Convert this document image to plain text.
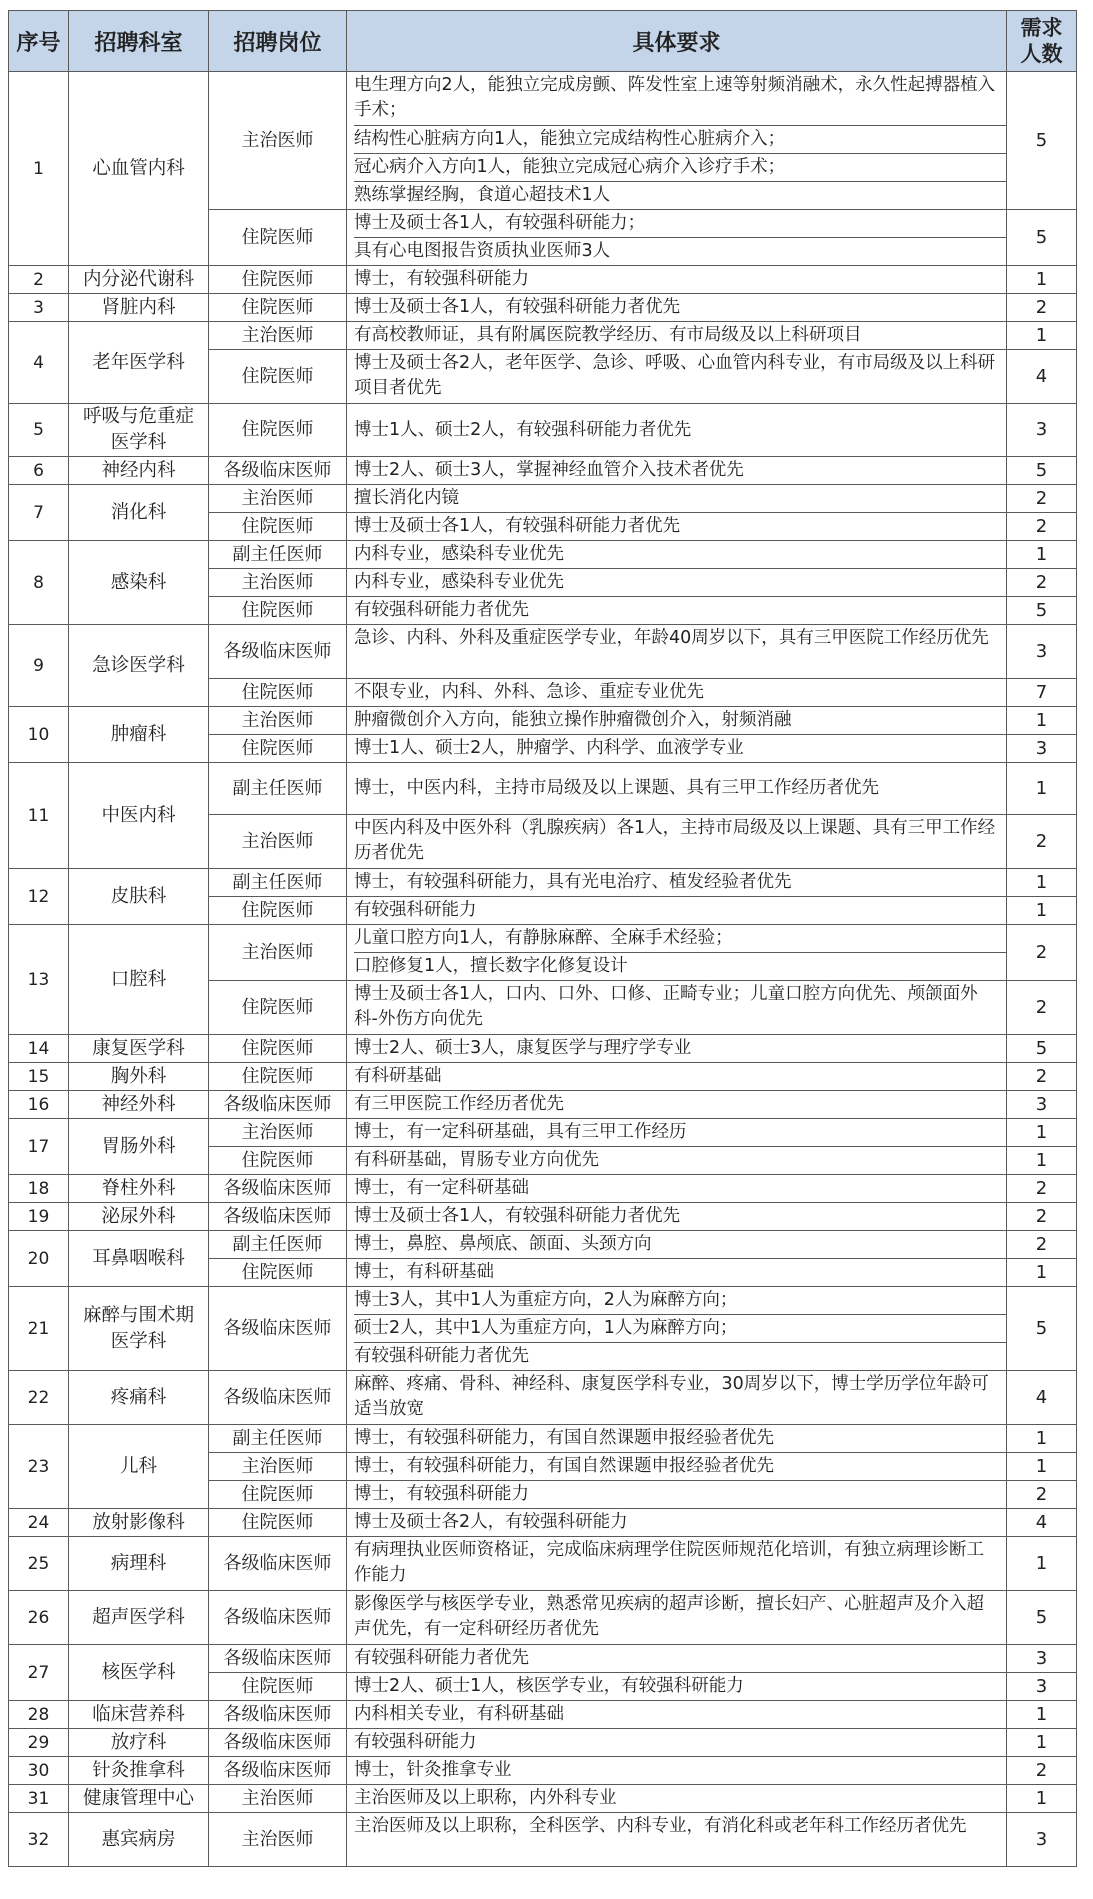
序号	招聘科室	招聘岗位	具体要求	需求
人数
1	心血管内科	主治医师	电生理方向2人，能独立完成房颤、阵发性室上速等射频消融术，永久性起搏器植入手术；
结构性心脏病方向1人，能独立完成结构性心脏病介入；
冠心病介入方向1人，能独立完成冠心病介入诊疗手术；
熟练掌握经胸，食道心超技术1人	5
		住院医师	博士及硕士各1人，有较强科研能力；
具有心电图报告资质执业医师3人	5
2	内分泌代谢科	住院医师	博士，有较强科研能力	1
3	肾脏内科	住院医师	博士及硕士各1人，有较强科研能力者优先	2
4	老年医学科	主治医师	有高校教师证，具有附属医院教学经历、有市局级及以上科研项目	1
		住院医师	博士及硕士各2人，老年医学、急诊、呼吸、心血管内科专业，有市局级及以上科研项目者优先	4
5	呼吸与危重症医学科	住院医师	博士1人、硕士2人，有较强科研能力者优先	3
6	神经内科	各级临床医师	博士2人、硕士3人，掌握神经血管介入技术者优先	5
7	消化科	主治医师	擅长消化内镜	2
		住院医师	博士及硕士各1人，有较强科研能力者优先	2
8	感染科	副主任医师	内科专业，感染科专业优先	1
		主治医师	内科专业，感染科专业优先	2
		住院医师	有较强科研能力者优先	5
9	急诊医学科	各级临床医师	急诊、内科、外科及重症医学专业，年龄40周岁以下，具有三甲医院工作经历优先	3
		住院医师	不限专业，内科、外科、急诊、重症专业优先	7
10	肿瘤科	主治医师	肿瘤微创介入方向，能独立操作肿瘤微创介入，射频消融	1
		住院医师	博士1人、硕士2人，肿瘤学、内科学、血液学专业	3
11	中医内科	副主任医师	博士，中医内科，主持市局级及以上课题、具有三甲工作经历者优先	1
		主治医师	中医内科及中医外科（乳腺疾病）各1人，主持市局级及以上课题、具有三甲工作经历者优先	2
12	皮肤科	副主任医师	博士，有较强科研能力，具有光电治疗、植发经验者优先	1
		住院医师	有较强科研能力	1
13	口腔科	主治医师	儿童口腔方向1人，有静脉麻醉、全麻手术经验；
口腔修复1人，擅长数字化修复设计	2
		住院医师	博士及硕士各1人，口内、口外、口修、正畸专业；儿童口腔方向优先、颅颌面外科-外伤方向优先	2
14	康复医学科	住院医师	博士2人、硕士3人，康复医学与理疗学专业	5
15	胸外科	住院医师	有科研基础	2
16	神经外科	各级临床医师	有三甲医院工作经历者优先	3
17	胃肠外科	主治医师	博士，有一定科研基础，具有三甲工作经历	1
		住院医师	有科研基础，胃肠专业方向优先	1
18	脊柱外科	各级临床医师	博士，有一定科研基础	2
19	泌尿外科	各级临床医师	博士及硕士各1人，有较强科研能力者优先	2
20	耳鼻咽喉科	副主任医师	博士，鼻腔、鼻颅底、颌面、头颈方向	2
		住院医师	博士，有科研基础	1
21	麻醉与围术期医学科	各级临床医师	博士3人，其中1人为重症方向，2人为麻醉方向；
硕士2人，其中1人为重症方向，1人为麻醉方向；
有较强科研能力者优先	5
22	疼痛科	各级临床医师	麻醉、疼痛、骨科、神经科、康复医学科专业，30周岁以下，博士学历学位年龄可适当放宽	4
23	儿科	副主任医师	博士，有较强科研能力，有国自然课题申报经验者优先	1
		主治医师	博士，有较强科研能力，有国自然课题申报经验者优先	1
		住院医师	博士，有较强科研能力	2
24	放射影像科	住院医师	博士及硕士各2人，有较强科研能力	4
25	病理科	各级临床医师	有病理执业医师资格证，完成临床病理学住院医师规范化培训，有独立病理诊断工作能力	1
26	超声医学科	各级临床医师	影像医学与核医学专业，熟悉常见疾病的超声诊断，擅长妇产、心脏超声及介入超声优先，有一定科研经历者优先	5
27	核医学科	各级临床医师	有较强科研能力者优先	3
		住院医师	博士2人、硕士1人，核医学专业，有较强科研能力	3
28	临床营养科	各级临床医师	内科相关专业，有科研基础	1
29	放疗科	各级临床医师	有较强科研能力	1
30	针灸推拿科	各级临床医师	博士，针灸推拿专业	2
31	健康管理中心	主治医师	主治医师及以上职称，内外科专业	1
32	惠宾病房	主治医师	主治医师及以上职称，全科医学、内科专业，有消化科或老年科工作经历者优先	3
